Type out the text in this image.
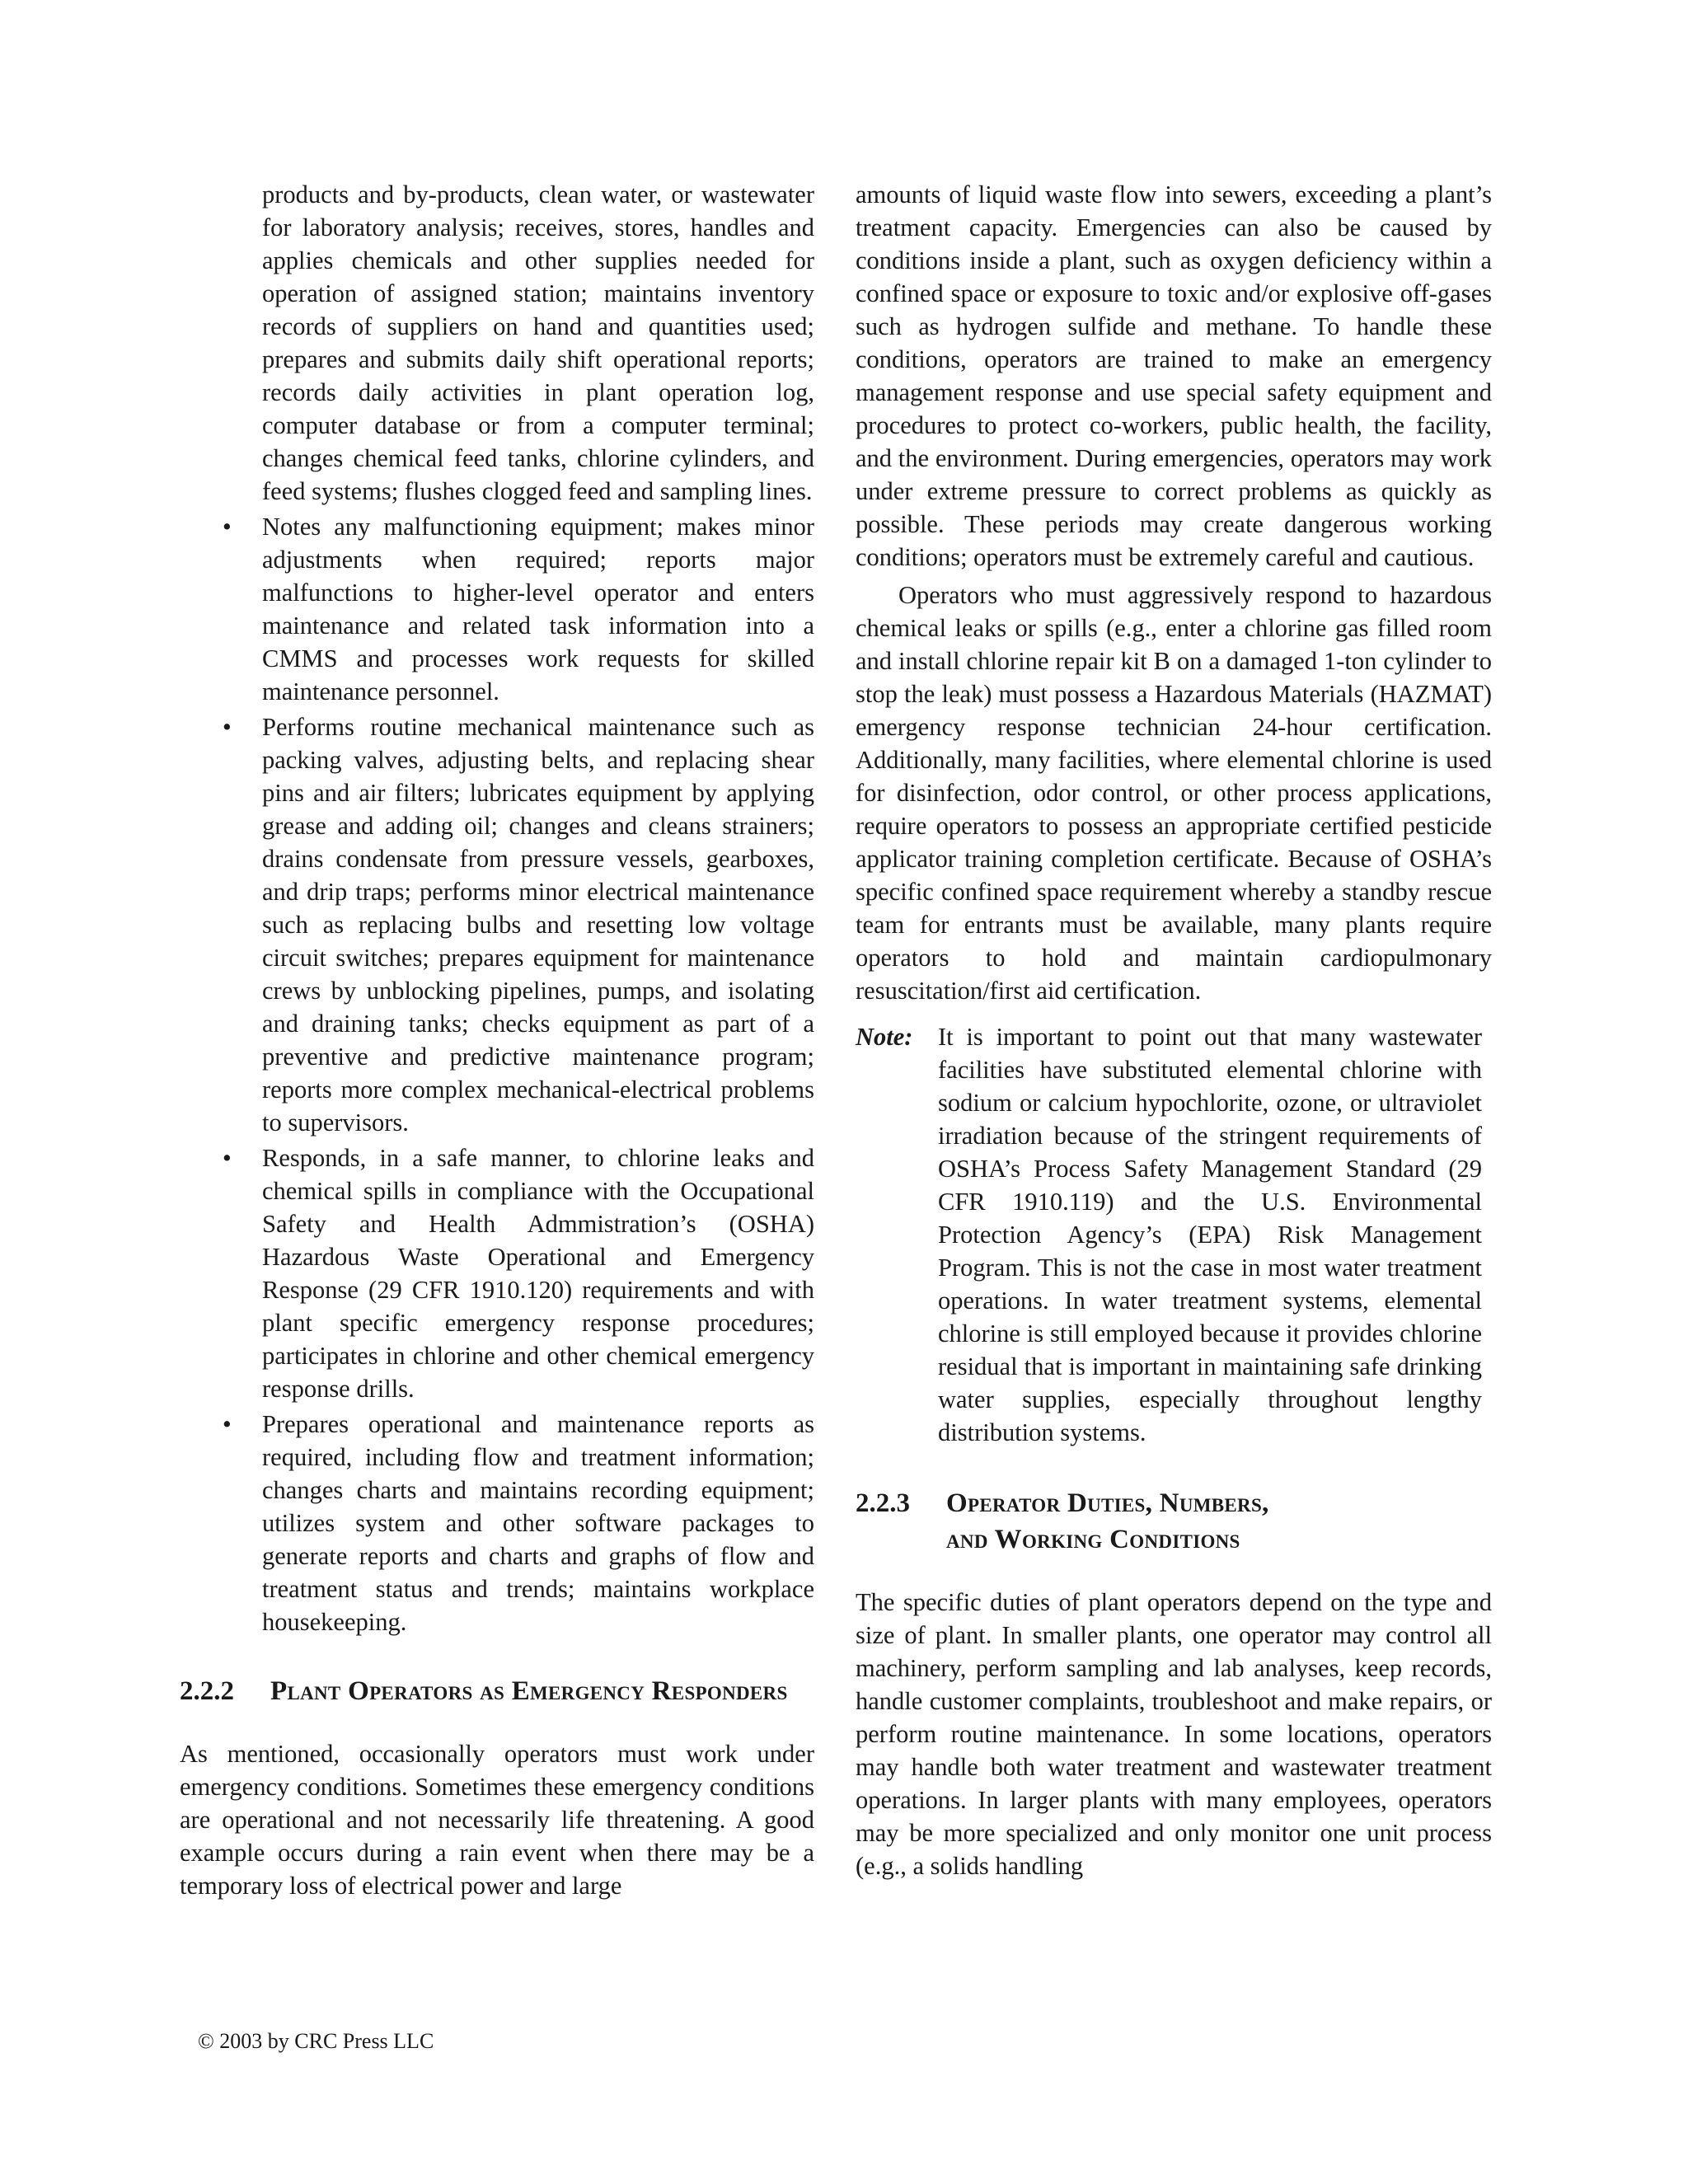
products and by-products, clean water, or wastewater for laboratory analysis; receives, stores, handles and applies chemicals and other supplies needed for operation of assigned station; maintains inventory records of suppliers on hand and quantities used; prepares and submits daily shift operational reports; records daily activities in plant operation log, computer database or from a computer terminal; changes chemical feed tanks, chlorine cylinders, and feed systems; flushes clogged feed and sampling lines.

• Notes any malfunctioning equipment; makes minor adjustments when required; reports major malfunctions to higher-level operator and enters maintenance and related task information into a CMMS and processes work requests for skilled maintenance personnel.
• Performs routine mechanical maintenance such as packing valves, adjusting belts, and replacing shear pins and air filters; lubricates equipment by applying grease and adding oil; changes and cleans strainers; drains condensate from pressure vessels, gearboxes, and drip traps; performs minor electrical maintenance such as replacing bulbs and resetting low voltage circuit switches; prepares equipment for maintenance crews by unblocking pipelines, pumps, and isolating and draining tanks; checks equipment as part of a preventive and predictive maintenance program; reports more complex mechanical-electrical problems to supervisors.
• Responds, in a safe manner, to chlorine leaks and chemical spills in compliance with the Occupational Safety and Health Admmistration’s (OSHA) Hazardous Waste Operational and Emergency Response (29 CFR 1910.120) requirements and with plant specific emergency response procedures; participates in chlorine and other chemical emergency response drills.
• Prepares operational and maintenance reports as required, including flow and treatment information; changes charts and maintains recording equipment; utilizes system and other software packages to generate reports and charts and graphs of flow and treatment status and trends; maintains workplace housekeeping.
2.2.2 Plant Operators as Emergency Responders

As mentioned, occasionally operators must work under emergency conditions. Sometimes these emergency conditions are operational and not necessarily life threatening. A good example occurs during a rain event when there may be a temporary loss of electrical power and large

amounts of liquid waste flow into sewers, exceeding a plant’s treatment capacity. Emergencies can also be caused by conditions inside a plant, such as oxygen deficiency within a confined space or exposure to toxic and/or explosive off-gases such as hydrogen sulfide and methane. To handle these conditions, operators are trained to make an emergency management response and use special safety equipment and procedures to protect co-workers, public health, the facility, and the environment. During emergencies, operators may work under extreme pressure to correct problems as quickly as possible. These periods may create dangerous working conditions; operators must be extremely careful and cautious.

Operators who must aggressively respond to hazardous chemical leaks or spills (e.g., enter a chlorine gas filled room and install chlorine repair kit B on a damaged 1-ton cylinder to stop the leak) must possess a Hazardous Materials (HAZMAT) emergency response technician 24-hour certification. Additionally, many facilities, where elemental chlorine is used for disinfection, odor control, or other process applications, require operators to possess an appropriate certified pesticide applicator training completion certificate. Because of OSHA’s specific confined space requirement whereby a standby rescue team for entrants must be available, many plants require operators to hold and maintain cardiopulmonary resuscitation/first aid certification.

Note: It is important to point out that many wastewater facilities have substituted elemental chlorine with sodium or calcium hypochlorite, ozone, or ultraviolet irradiation because of the stringent requirements of OSHA’s Process Safety Management Standard (29 CFR 1910.119) and the U.S. Environmental Protection Agency’s (EPA) Risk Management Program. This is not the case in most water treatment operations. In water treatment systems, elemental chlorine is still employed because it provides chlorine residual that is important in maintaining safe drinking water supplies, especially throughout lengthy distribution systems.

2.2.3 Operator Duties, Numbers,
and Working Conditions

The specific duties of plant operators depend on the type and size of plant. In smaller plants, one operator may control all machinery, perform sampling and lab analyses, keep records, handle customer complaints, troubleshoot and make repairs, or perform routine maintenance. In some locations, operators may handle both water treatment and wastewater treatment operations. In larger plants with many employees, operators may be more specialized and only monitor one unit process (e.g., a solids handling

© 2003 by CRC Press LLC
